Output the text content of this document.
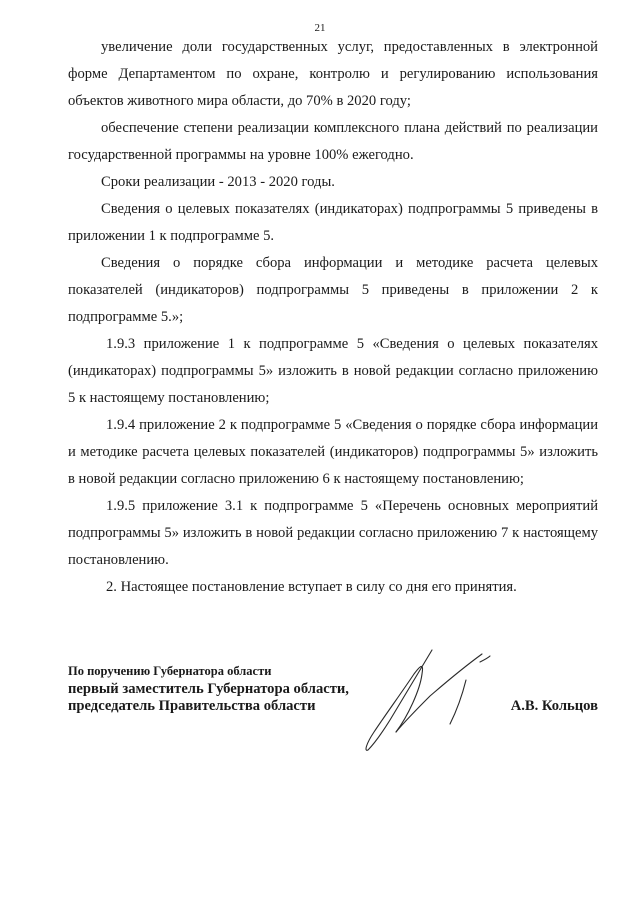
21

увеличение доли государственных услуг, предоставленных в электронной форме Департаментом по охране, контролю и регулированию использования объектов животного мира области, до 70% в 2020 году;

обеспечение степени реализации комплексного плана действий по реализации государственной программы на уровне 100% ежегодно.

Сроки реализации - 2013 - 2020 годы.

Сведения о целевых показателях (индикаторах) подпрограммы 5 приведены в приложении 1 к подпрограмме 5.

Сведения о порядке сбора информации и методике расчета целевых показателей (индикаторов) подпрограммы 5 приведены в приложении 2 к подпрограмме 5.»;

1.9.3 приложение 1 к подпрограмме 5 «Сведения о целевых показателях (индикаторах) подпрограммы 5» изложить в новой редакции согласно приложению 5 к настоящему постановлению;

1.9.4 приложение 2 к подпрограмме 5 «Сведения о порядке сбора информации и методике расчета целевых показателей (индикаторов) подпрограммы 5» изложить в новой редакции согласно приложению 6 к настоящему постановлению;

1.9.5 приложение 3.1 к подпрограмме 5 «Перечень основных мероприятий подпрограммы 5» изложить в новой редакции согласно приложению 7 к настоящему постановлению.

2. Настоящее постановление вступает в силу со дня его принятия.

По поручению Губернатора области
первый заместитель Губернатора области,
председатель Правительства области	А.В. Кольцов
